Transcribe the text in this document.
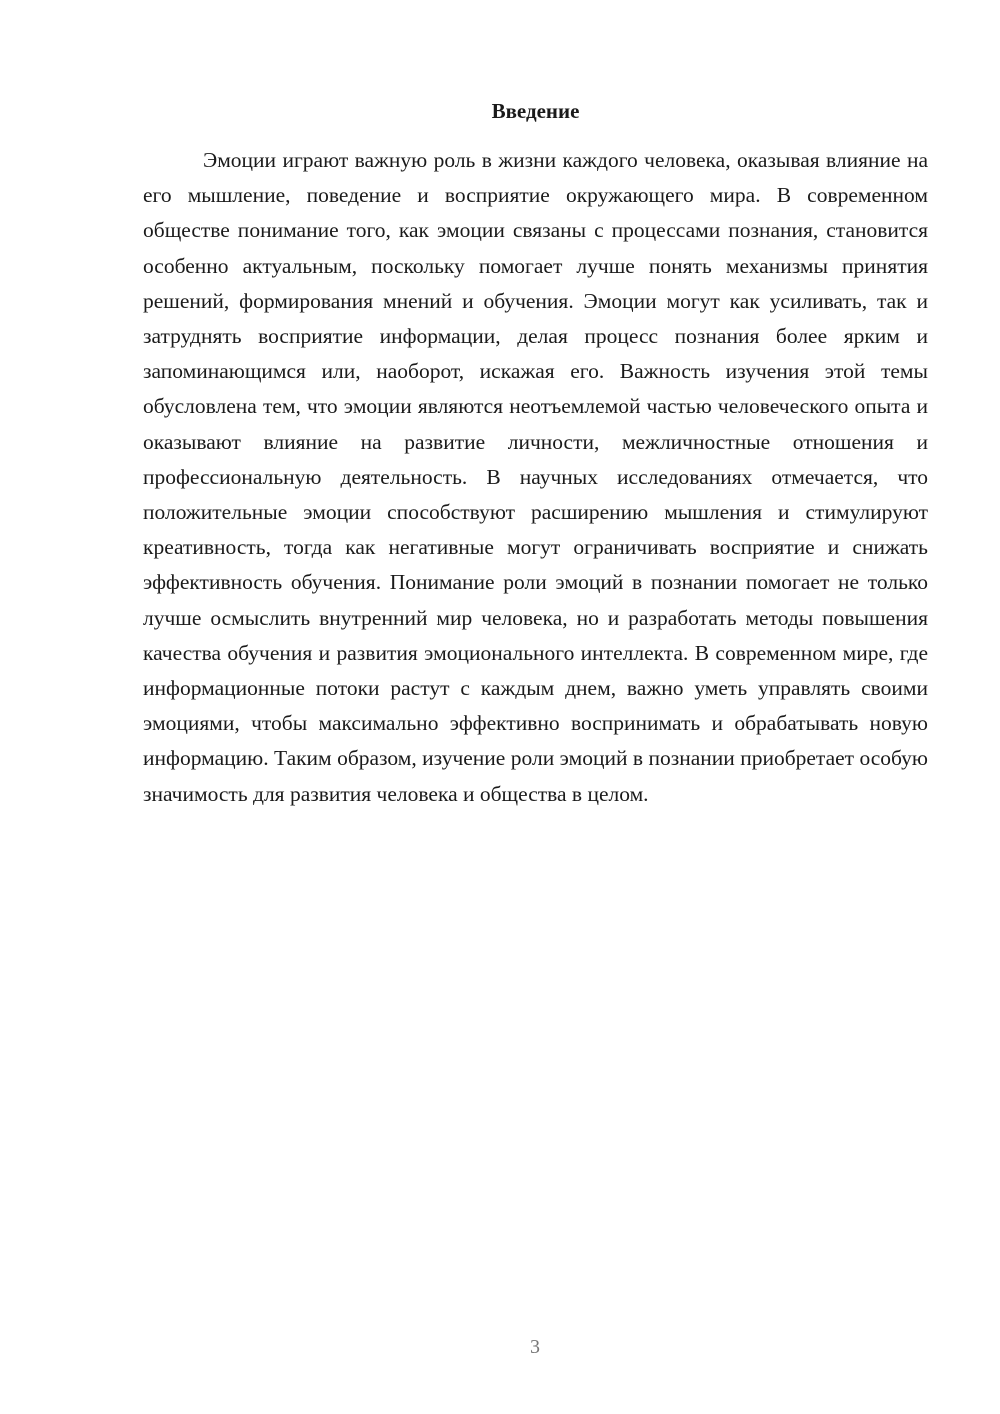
Введение

Эмоции играют важную роль в жизни каждого человека, оказывая влияние на его мышление, поведение и восприятие окружающего мира. В современном обществе понимание того, как эмоции связаны с процессами познания, становится особенно актуальным, поскольку помогает лучше понять механизмы принятия решений, формирования мнений и обучения. Эмоции могут как усиливать, так и затруднять восприятие информации, делая процесс познания более ярким и запоминающимся или, наоборот, искажая его. Важность изучения этой темы обусловлена тем, что эмоции являются неотъемлемой частью человеческого опыта и оказывают влияние на развитие личности, межличностные отношения и профессиональную деятельность. В научных исследованиях отмечается, что положительные эмоции способствуют расширению мышления и стимулируют креативность, тогда как негативные могут ограничивать восприятие и снижать эффективность обучения. Понимание роли эмоций в познании помогает не только лучше осмыслить внутренний мир человека, но и разработать методы повышения качества обучения и развития эмоционального интеллекта. В современном мире, где информационные потоки растут с каждым днем, важно уметь управлять своими эмоциями, чтобы максимально эффективно воспринимать и обрабатывать новую информацию. Таким образом, изучение роли эмоций в познании приобретает особую значимость для развития человека и общества в целом.

3
